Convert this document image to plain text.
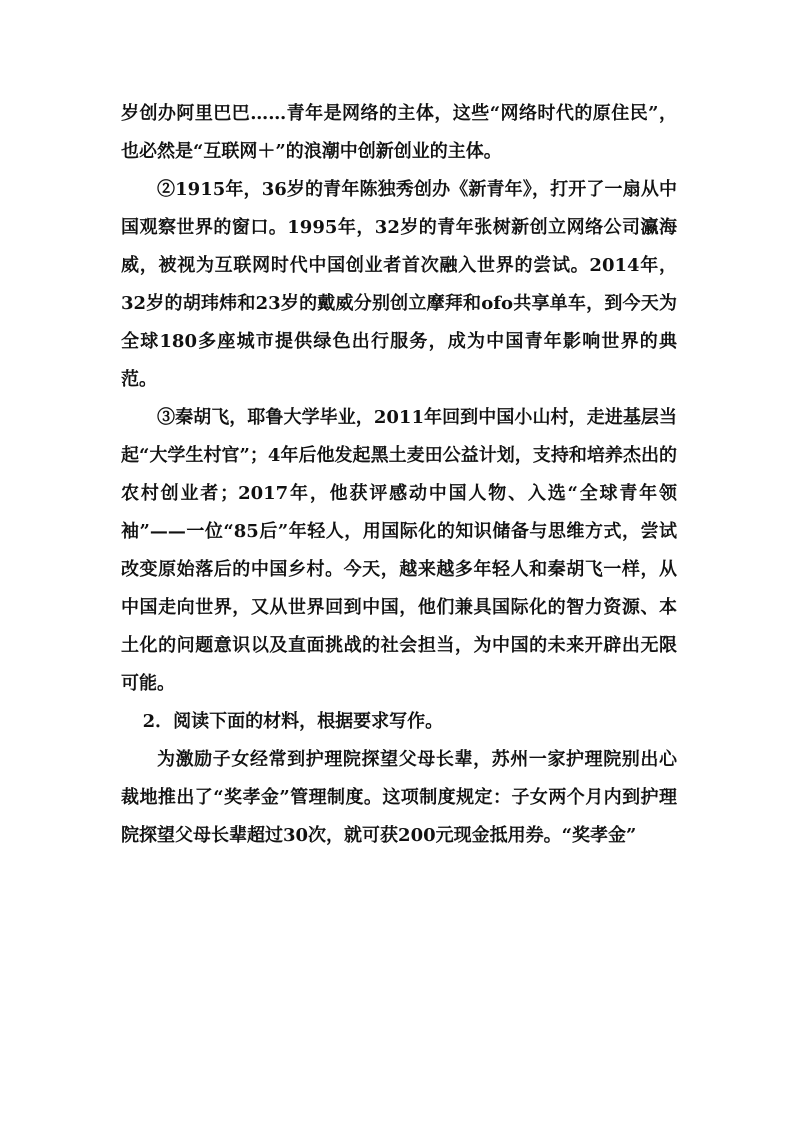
岁创办阿里巴巴……青年是网络的主体，这些“网络时代的原住民”，也必然是“互联网＋”的浪潮中创新创业的主体。

②1915年，36岁的青年陈独秀创办《新青年》，打开了一扇从中国观察世界的窗口。1995年，32岁的青年张树新创立网络公司瀛海威，被视为互联网时代中国创业者首次融入世界的尝试。2014年，32岁的胡玮炜和23岁的戴威分别创立摩拜和ofo共享单车，到今天为全球180多座城市提供绿色出行服务，成为中国青年影响世界的典范。

③秦胡飞，耶鲁大学毕业，2011年回到中国小山村，走进基层当起“大学生村官”；4年后他发起黑土麦田公益计划，支持和培养杰出的农村创业者；2017年，他获评感动中国人物、入选“全球青年领袖”——一位“85后”年轻人，用国际化的知识储备与思维方式，尝试改变原始落后的中国乡村。今天，越来越多年轻人和秦胡飞一样，从中国走向世界，又从世界回到中国，他们兼具国际化的智力资源、本土化的问题意识以及直面挑战的社会担当，为中国的未来开辟出无限可能。

2．阅读下面的材料，根据要求写作。

为激励子女经常到护理院探望父母长辈，苏州一家护理院别出心裁地推出了“奖孝金”管理制度。这项制度规定：子女两个月内到护理院探望父母长辈超过30次，就可获200元现金抵用券。“奖孝金”
